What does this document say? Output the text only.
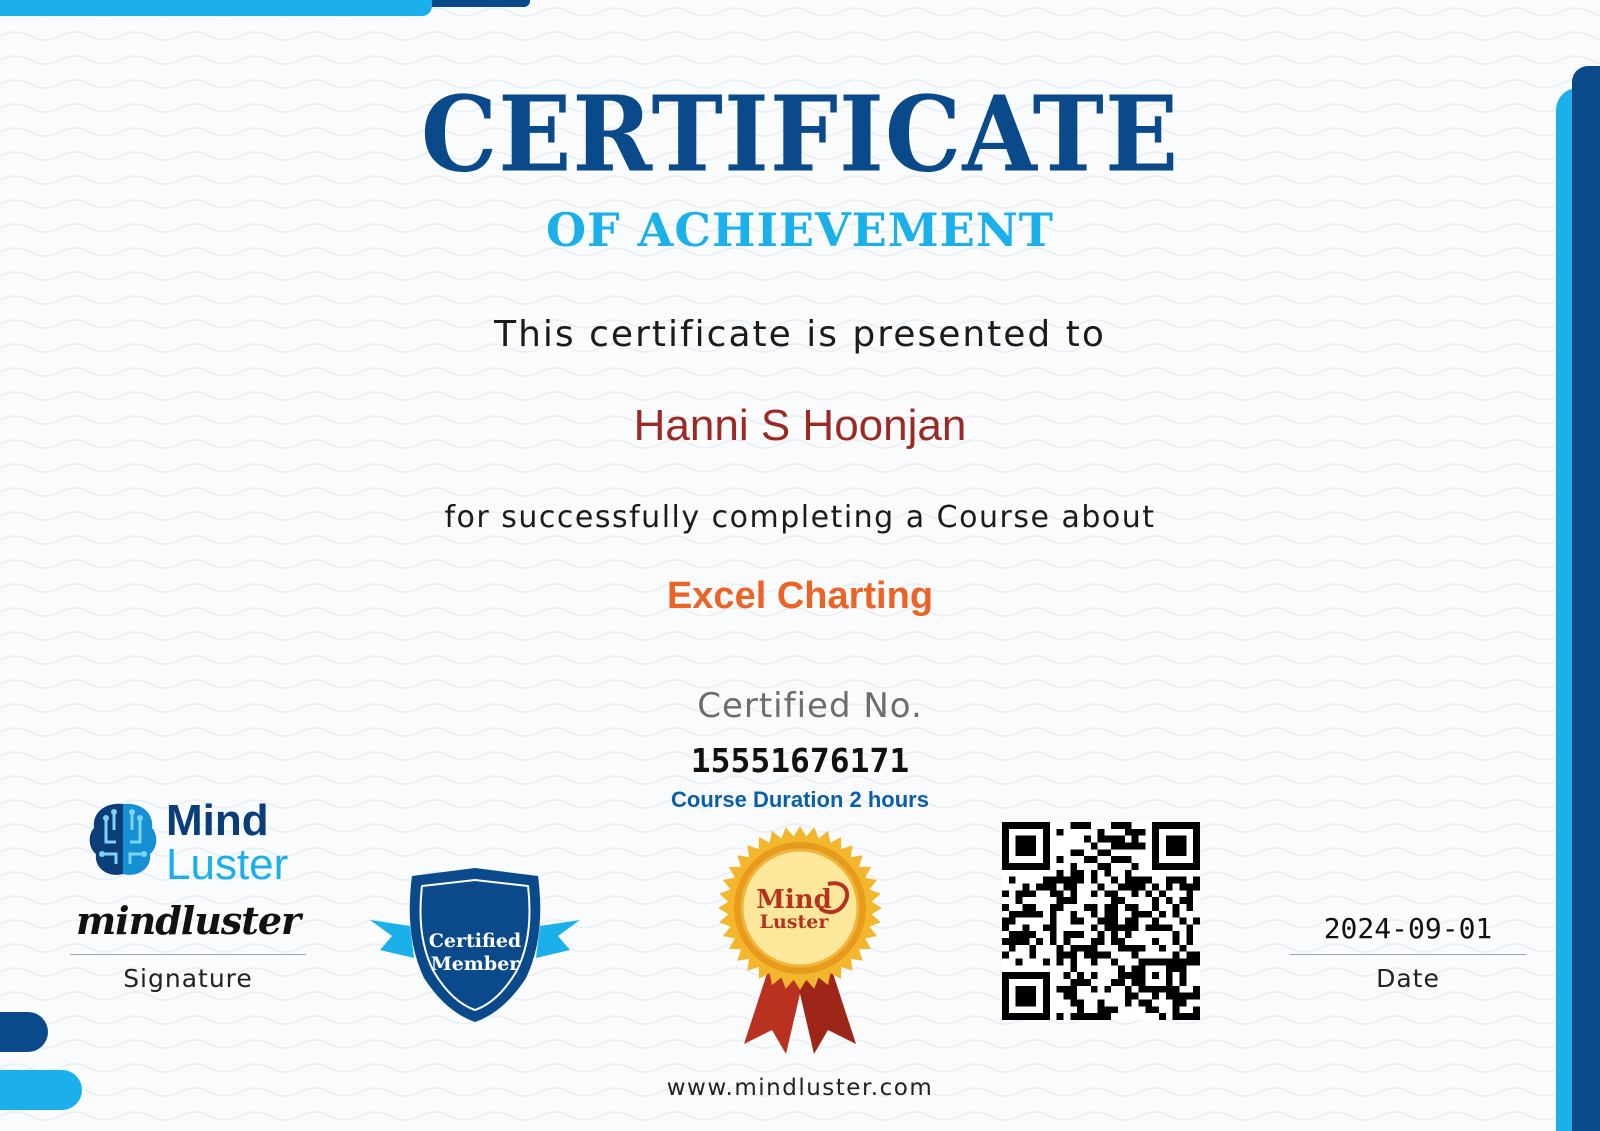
CERTIFICATE
OF ACHIEVEMENT
This certificate is presented to
Hanni S Hoonjan
for successfully completing a Course about
Excel Charting
Certified No.
15551676171
Course Duration 2 hours
www.mindluster.com
Mind
Luster
mindluster
Signature
Certified
Member
Mind
Luster	2024-09-01
Date
